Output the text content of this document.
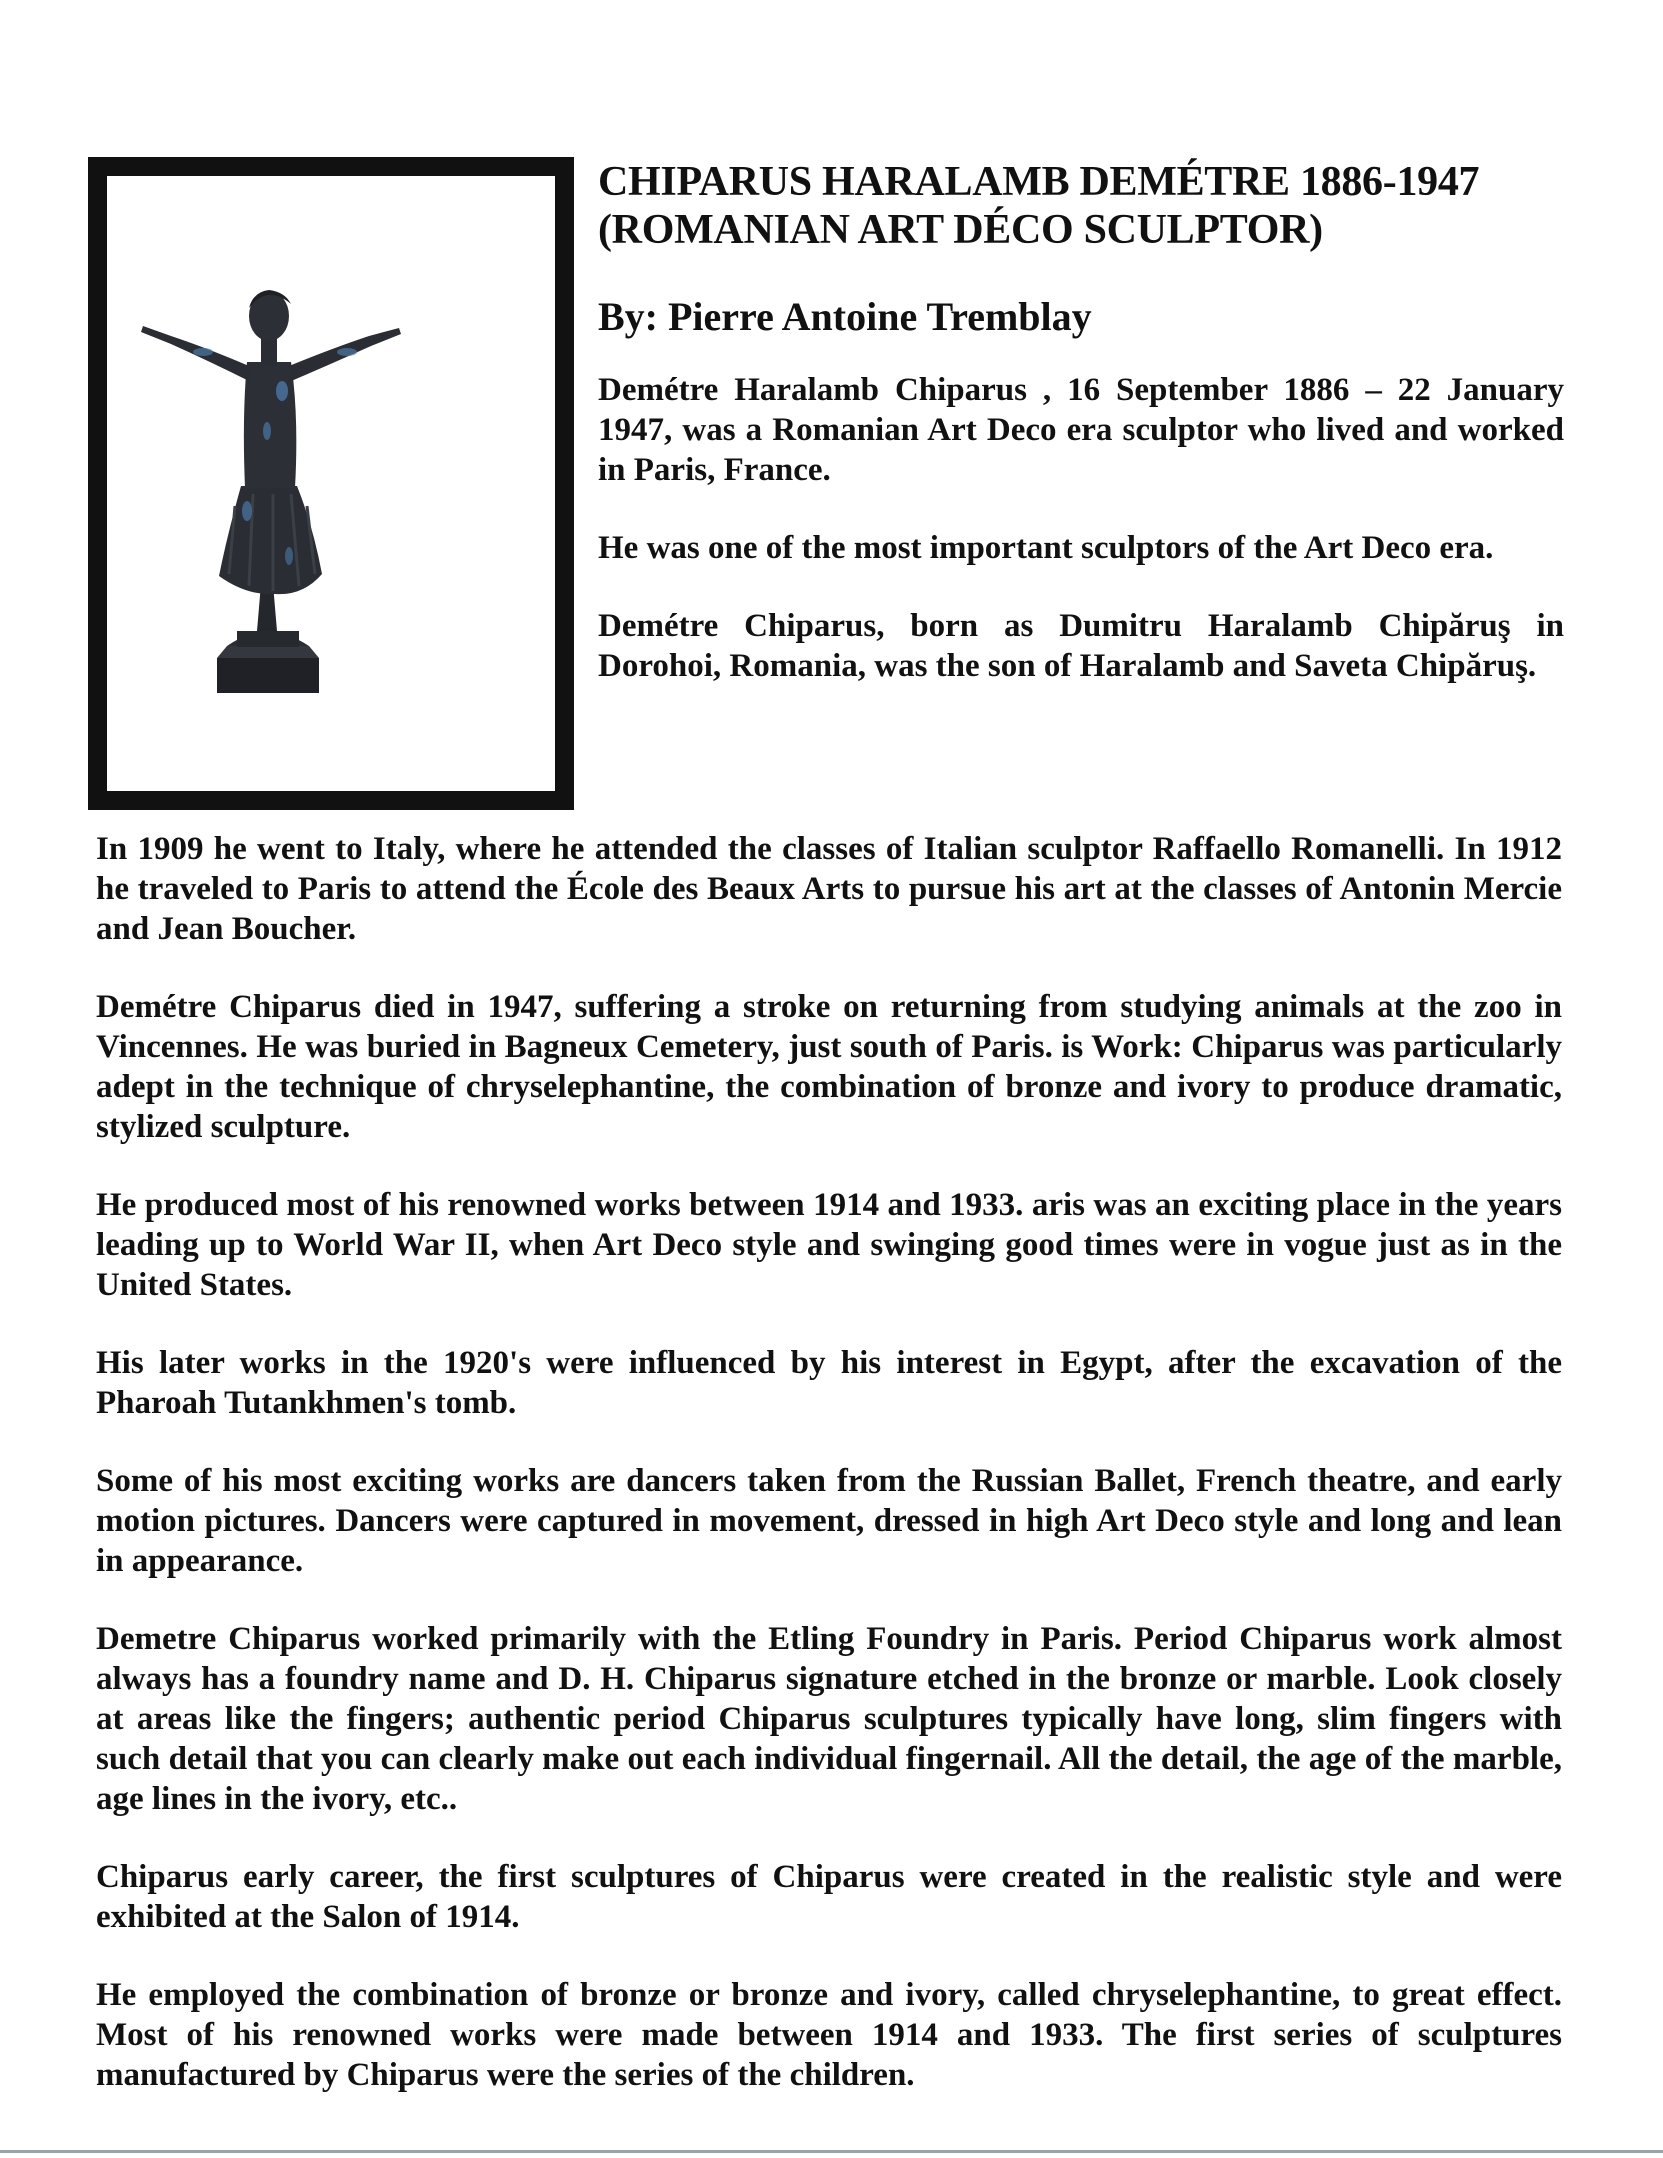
CHIPARUS HARALAMB DEMÉTRE 1886-1947
(ROMANIAN ART DÉCO SCULPTOR)

By: Pierre Antoine Tremblay

Demétre Haralamb Chiparus , 16 September 1886 – 22 January 1947, was a Romanian Art Deco era sculptor who lived and worked in Paris, France.

He was one of the most important sculptors of the Art Deco era.

Demétre Chiparus, born as Dumitru Haralamb Chipăruş in Dorohoi, Romania, was the son of Haralamb and Saveta Chipăruş.

In 1909 he went to Italy, where he attended the classes of Italian sculptor Raffaello Romanelli. In 1912 he traveled to Paris to attend the École des Beaux Arts to pursue his art at the classes of Antonin Mercie and Jean Boucher.

Demétre Chiparus died in 1947, suffering a stroke on returning from studying animals at the zoo in Vincennes. He was buried in Bagneux Cemetery, just south of Paris. is Work: Chiparus was particularly adept in the technique of chryselephantine, the combination of bronze and ivory to produce dramatic, stylized sculpture.

He produced most of his renowned works between 1914 and 1933. aris was an exciting place in the years leading up to World War II, when Art Deco style and swinging good times were in vogue just as in the United States.

His later works in the 1920's were influenced by his interest in Egypt, after the excavation of the Pharoah Tutankhmen's tomb.

Some of his most exciting works are dancers taken from the Russian Ballet, French theatre, and early motion pictures. Dancers were captured in movement, dressed in high Art Deco style and long and lean in appearance.

Demetre Chiparus worked primarily with the Etling Foundry in Paris. Period Chiparus work almost always has a foundry name and D. H. Chiparus signature etched in the bronze or marble. Look closely at areas like the fingers; authentic period Chiparus sculptures typically have long, slim fingers with such detail that you can clearly make out each individual fingernail. All the detail, the age of the marble, age lines in the ivory, etc..

Chiparus early career, the first sculptures of Chiparus were created in the realistic style and were exhibited at the Salon of 1914.

He employed the combination of bronze or bronze and ivory, called chryselephantine, to great effect. Most of his renowned works were made between 1914 and 1933. The first series of sculptures manufactured by Chiparus were the series of the children.
